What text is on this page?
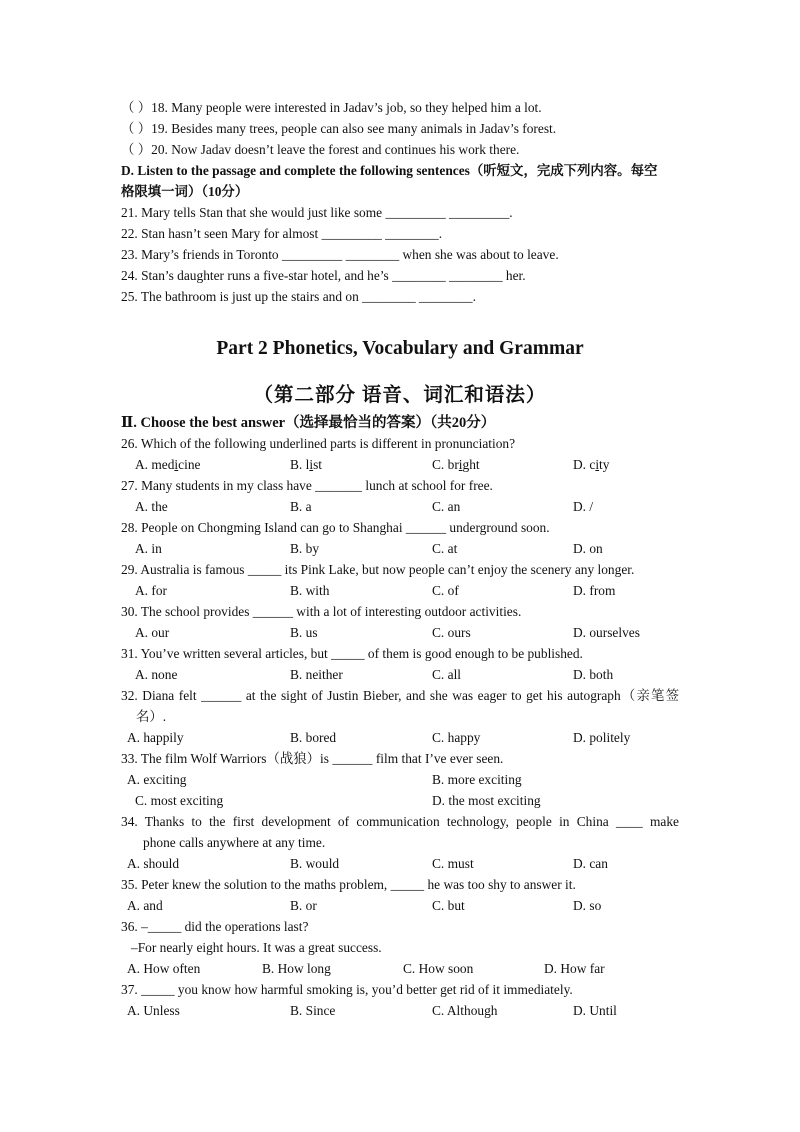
（ ）18. Many people were interested in Jadav’s job, so they helped him a lot.
（ ）19. Besides many trees, people can also see many animals in Jadav’s forest.
（ ）20. Now Jadav doesn’t leave the forest and continues his work there.
D. Listen to the passage and complete the following sentences（听短文，完成下列内容。每空
格限填一词）（10分）
21. Mary tells Stan that she would just like some _________ _________.
22. Stan hasn’t seen Mary for almost _________ ________.
23. Mary’s friends in Toronto _________ ________ when she was about to leave.
24. Stan’s daughter runs a five-star hotel, and he’s ________ ________ her.
25. The bathroom is just up the stairs and on ________ ________.
Part 2 Phonetics, Vocabulary and Grammar
（第二部分 语音、词汇和语法）
Ⅱ. Choose the best answer（选择最恰当的答案）（共20分）
26. Which of the following underlined parts is different in pronunciation?
A. medicine	B. list	C. bright	D. city
27. Many students in my class have _______ lunch at school for free.
A. the	B. a	C. an	D. /
28. People on Chongming Island can go to Shanghai ______ underground soon.
A. in	B. by	C. at	D. on
29. Australia is famous _____ its Pink Lake, but now people can’t enjoy the scenery any longer.
A. for	B. with	C. of	D. from
30. The school provides ______ with a lot of interesting outdoor activities.
A. our	B. us	C. ours	D. ourselves
31. You’ve written several articles, but _____ of them is good enough to be published.
A. none	B. neither	C. all	D. both
32. Diana felt ______ at the sight of Justin Bieber, and she was eager to get his autograph（亲笔签
名）.
A. happily	B. bored	C. happy	D. politely
33. The film Wolf Warriors（战狼）is ______ film that I’ve ever seen.
A. exciting	B. more exciting
C. most exciting	D. the most exciting
34. Thanks to the first development of communication technology, people in China ____ make
phone calls anywhere at any time.
A. should	B. would	C. must	D. can
35. Peter knew the solution to the maths problem, _____ he was too shy to answer it.
A. and	B. or	C. but	D. so
36. –_____ did the operations last?
–For nearly eight hours. It was a great success.
A. How often	B. How long	C. How soon	D. How far
37. _____ you know how harmful smoking is, you’d better get rid of it immediately.
A. Unless	B. Since	C. Although	D. Until
